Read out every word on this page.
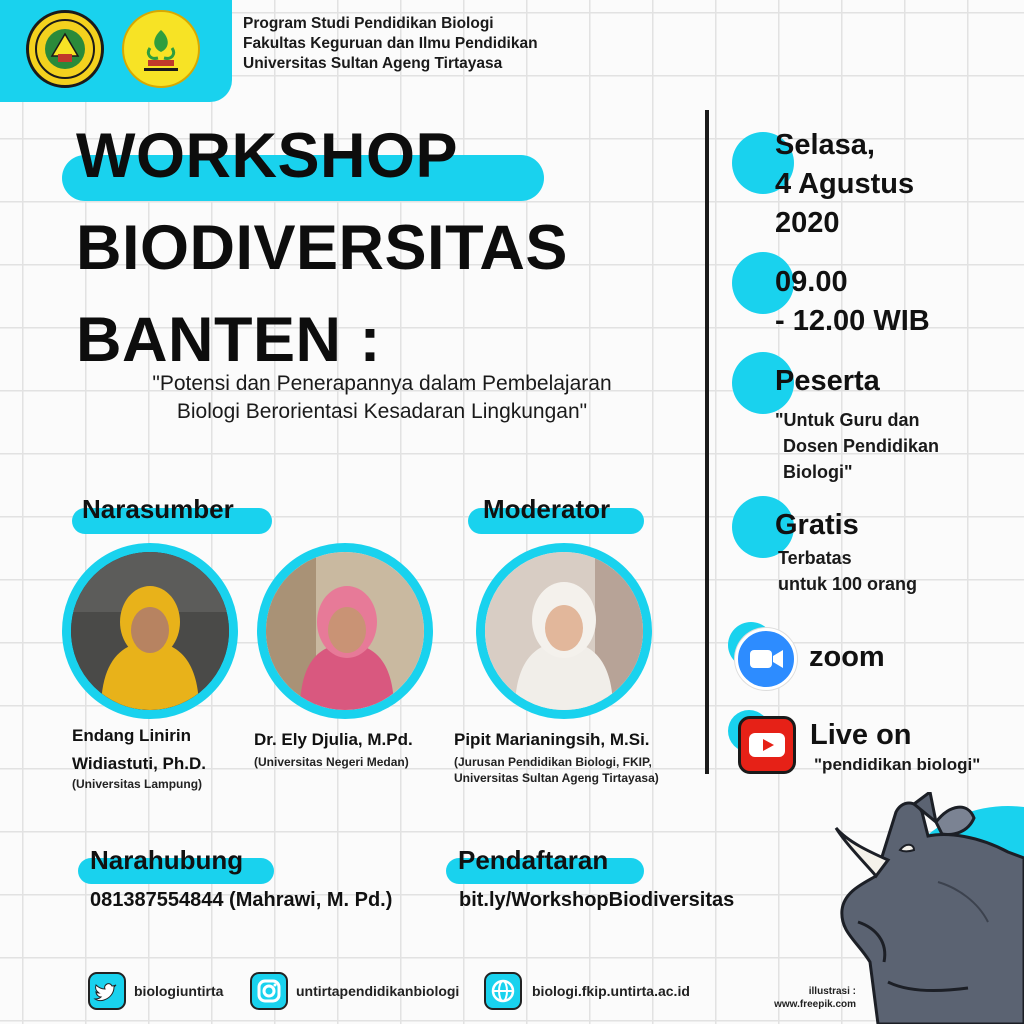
Program Studi Pendidikan Biologi
Fakultas Keguruan dan Ilmu Pendidikan
Universitas Sultan Ageng Tirtayasa
WORKSHOP
BIODIVERSITAS
BANTEN :
"Potensi dan Penerapannya dalam Pembelajaran
Biologi Berorientasi Kesadaran Lingkungan"
Narasumber	Moderator
Endang Linirin
Widiastuti, Ph.D.
(Universitas Lampung)
Dr. Ely Djulia, M.Pd.
(Universitas Negeri Medan)
Pipit Marianingsih, M.Si.
(Jurusan Pendidikan Biologi, FKIP,
Universitas Sultan Ageng Tirtayasa)
Selasa,
4 Agustus
2020
09.00
- 12.00 WIB
Peserta
"Untuk Guru dan
Dosen Pendidikan
Biologi"
Gratis
Terbatas
untuk 100 orang
zoom
Live on
"pendidikan biologi"
Narahubung
081387554844 (Mahrawi, M. Pd.)
Pendaftaran
bit.ly/WorkshopBiodiversitas
biologiuntirta	untirtapendidikanbiologi	biologi.fkip.untirta.ac.id	illustrasi :
www.freepik.com
